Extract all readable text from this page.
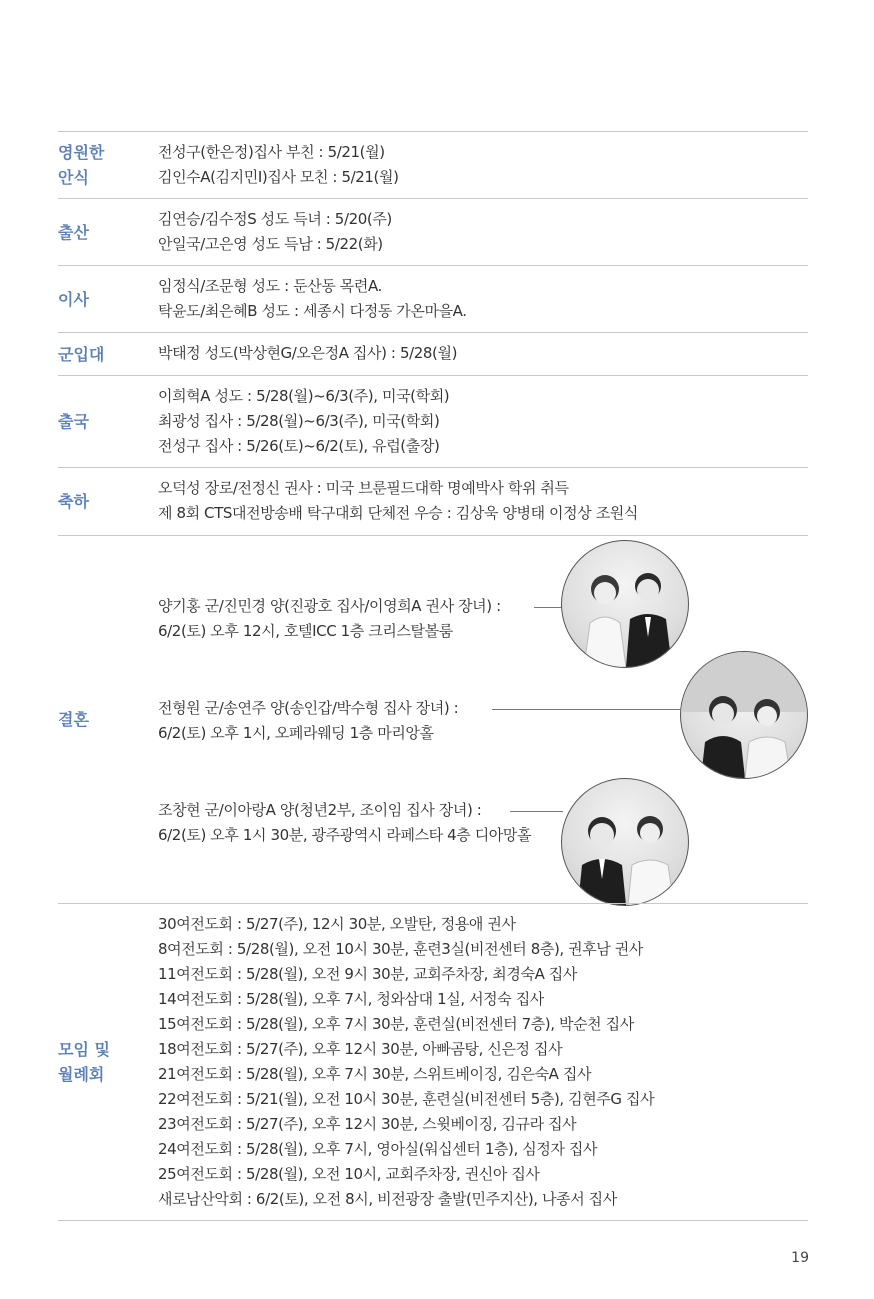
영원한
안식
전성구(한은정)집사 부친 : 5/21(월)
김인수A(김지민I)집사 모친 : 5/21(월)
출산
김연승/김수정S 성도 득녀 : 5/20(주)
안일국/고은영 성도 득남 : 5/22(화)
이사
임정식/조문형 성도 : 둔산동 목련A.
탁윤도/최은혜B 성도 : 세종시 다정동 가온마을A.
군입대	박태정 성도(박상현G/오은정A 집사) : 5/28(월)
출국
이희혁A 성도 : 5/28(월)~6/3(주), 미국(학회)
최광성 집사 : 5/28(월)~6/3(주), 미국(학회)
전성구 집사 : 5/26(토)~6/2(토), 유럽(출장)
축하
오덕성 장로/전정신 권사 : 미국 브룬필드대학 명예박사 학위 취득
제 8회 CTS대전방송배 탁구대회 단체전 우승 : 김상욱 양병태 이정상 조원식
결혼
양기홍 군/진민경 양(진광호 집사/이영희A 권사 장녀) :
6/2(토) 오후 12시, 호텔ICC 1층 크리스탈볼룸
전형원 군/송연주 양(송인갑/박수형 집사 장녀) :
6/2(토) 오후 1시, 오페라웨딩 1층 마리앙홀
조창현 군/이아랑A 양(청년2부, 조이임 집사 장녀) :
6/2(토) 오후 1시 30분, 광주광역시 라페스타 4층 디아망홀
모임 및
월례회
30여전도회 : 5/27(주), 12시 30분, 오발탄, 정용애 권사
8여전도회 : 5/28(월), 오전 10시 30분, 훈련3실(비전센터 8층), 권후남 권사
11여전도회 : 5/28(월), 오전 9시 30분, 교회주차장, 최경숙A 집사
14여전도회 : 5/28(월), 오후 7시, 청와삼대 1실, 서정숙 집사
15여전도회 : 5/28(월), 오후 7시 30분, 훈련실(비전센터 7층), 박순천 집사
18여전도회 : 5/27(주), 오후 12시 30분, 아빠곰탕, 신은정 집사
21여전도회 : 5/28(월), 오후 7시 30분, 스위트베이징, 김은숙A 집사
22여전도회 : 5/21(월), 오전 10시 30분, 훈련실(비전센터 5층), 김현주G 집사
23여전도회 : 5/27(주), 오후 12시 30분, 스윗베이징, 김규라 집사
24여전도회 : 5/28(월), 오후 7시, 영아실(워십센터 1층), 심정자 집사
25여전도회 : 5/28(월), 오전 10시, 교회주차장, 권신아 집사
새로남산악회 : 6/2(토), 오전 8시, 비전광장 출발(민주지산), 나종서 집사
19
